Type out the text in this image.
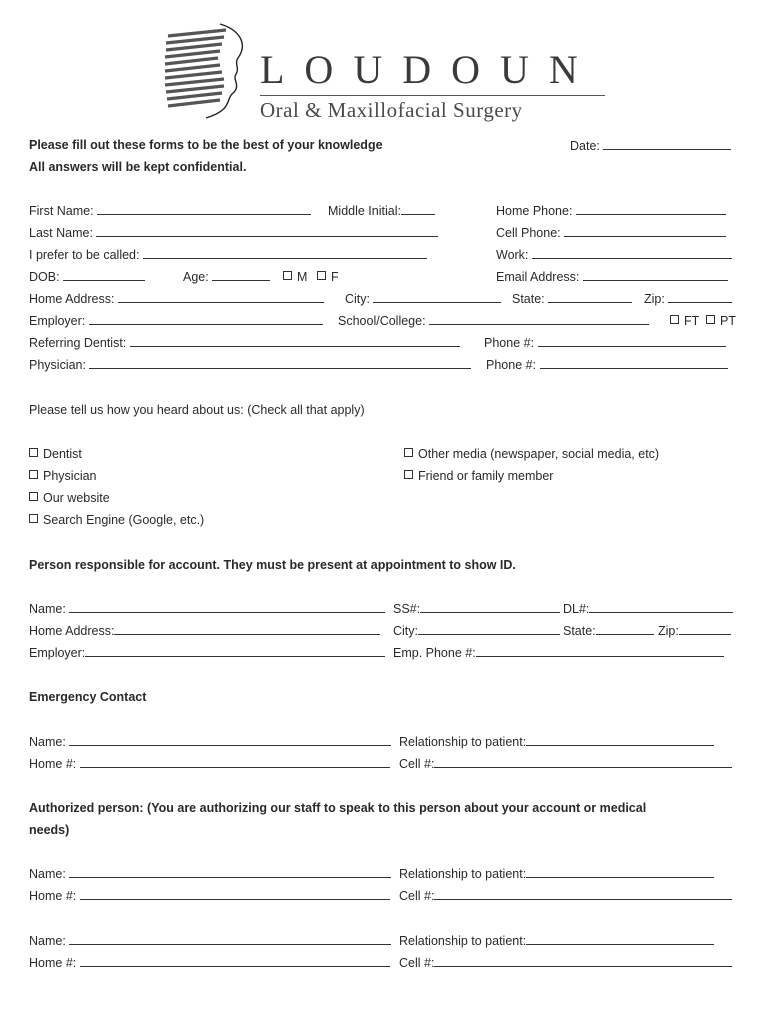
LOUDOUN
Oral & Maxillofacial Surgery
Please fill out these forms to be the best of your knowledge	Date:
All answers will be kept confidential.
First Name:	Middle Initial:	Home Phone:
Last Name:	Cell Phone:
I prefer to be called:	Work:
DOB:	Age:	M	F	Email Address:
Home Address:	City:	State:	Zip:
Employer:	School/College:	FT	PT
Referring Dentist:	Phone #:
Physician:	Phone #:
Please tell us how you heard about us: (Check all that apply)
Dentist
Physician
Our website
Search Engine (Google, etc.)
Other media (newspaper, social media, etc)
Friend or family member
Person responsible for account. They must be present at appointment to show ID.
Name:	SS#:	DL#:
Home Address:	City:	State:	Zip:
Employer:	Emp. Phone #:
Emergency Contact
Name:	Relationship to patient:
Home #:	Cell #:
Authorized person: (You are authorizing our staff to speak to this person about your account or medical
needs)
Name:	Relationship to patient:
Home #:	Cell #:
Name:	Relationship to patient:
Home #:	Cell #:
